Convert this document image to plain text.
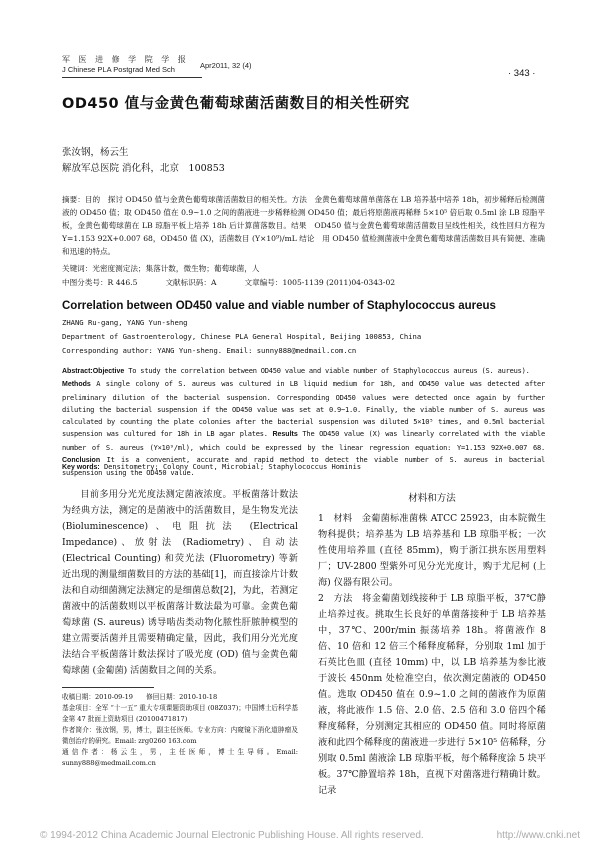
军 医 进 修 学 院 学 报
J Chinese PLA Postgrad Med Sch	Apr2011, 32 (4)
· 343 ·
OD450 值与金黄色葡萄球菌活菌数目的相关性研究
张汝钢，杨云生
解放军总医院 消化科，北京　100853
摘要：目的　探讨 OD450 值与金黄色葡萄球菌活菌数目的相关性。方法　金黄色葡萄球菌单菌落在 LB 培养基中培养 18h，初步稀释后检测菌液的 OD450 值；取 OD450 值在 0.9~1.0 之间的菌液进一步稀释检测 OD450 值；最后将原菌液再稀释 5×10⁵ 倍后取 0.5ml 涂 LB 琼脂平板，金黄色葡萄球菌在 LB 琼脂平板上培养 18h 后计算菌落数目。结果　OD450 值与金黄色葡萄球菌活菌数目呈线性相关，线性回归方程为 Y=1.153 92X+0.007 68，OD450 值 (X)，活菌数目 (Y×10⁹)/mL 结论　用 OD450 值检测菌液中金黄色葡萄球菌活菌数目具有简便、准确和迅速的特点。
关键词：光密度测定法；集落计数，微生物；葡萄球菌，人
中图分类号：R 446.5	文献标识码：A	文章编号：1005-1139 (2011)04-0343-02
Correlation between OD450 value and viable number of Staphylococcus aureus
ZHANG Ru-gang, YANG Yun-sheng
Department of Gastroenterology, Chinese PLA General Hospital, Beijing 100853, China
Corresponding author: YANG Yun-sheng. Email: sunny888@medmail.com.cn
Abstract:Objective To study the correlation between OD450 value and viable number of Staphylococcus aureus (S. aureus).
Methods A single colony of S. aureus was cultured in LB liquid medium for 18h, and OD450 value was detected after preliminary dilution of the bacterial suspension. Corresponding OD450 values were detected once again by further diluting the bacterial suspension if the OD450 value was set at 0.9~1.0. Finally, the viable number of S. aureus was calculated by counting the plate colonies after the bacterial suspension was diluted 5×10⁵ times, and 0.5ml bacterial suspension was cultured for 18h in LB agar plates. Results The OD450 value (X) was linearly correlated with the viable number of S. aureus (Y×10⁹/ml), which could be expressed by the linear regression equation: Y=1.153 92X+0.007 68. Conclusion It is a convenient, accurate and rapid method to detect the viable number of S. aureus in bacterial suspension using the OD450 value.
Key words: Densitometry; Colony Count, Microbial; Staphylococcus Hominis
目前多用分光光度法测定菌液浓度。平板菌落计数法为经典方法，测定的是菌液中的活菌数目，是生物发光法 (Bioluminescence)、电阻抗法 (Electrical Impedance)、放射法 (Radiometry)、自动法 (Electrical Counting) 和荧光法 (Fluorometry) 等新近出现的测量细菌数目的方法的基础[1]，而直接涂片计数法和自动细菌测定法测定的是细菌总数[2]，为此，若测定菌液中的活菌数则以平板菌落计数法最为可靠。金黄色葡萄球菌 (S. aureus) 诱导啮齿类动物化脓性肝脓肿模型的建立需要活菌并且需要精确定量，因此，我们用分光光度法结合平板菌落计数法探讨了吸光度 (OD) 值与金黄色葡萄球菌 (金葡菌) 活菌数目之间的关系。
材料和方法

1　材料　金葡菌标准菌株 ATCC 25923，由本院微生物科提供；培养基为 LB 培养基和 LB 琼脂平板；一次性使用培养皿 (直径 85mm)，购于浙江拱东医用塑料厂；UV-2800 型紫外可见分光光度计，购于尤尼柯 (上海) 仪器有限公司。

2　方法　将金葡菌划线接种于 LB 琼脂平板，37℃静止培养过夜。挑取生长良好的单菌落接种于 LB 培养基中，37℃、200r/min 振荡培养 18h。将菌液作 8 倍、10 倍和 12 倍三个稀释度稀释，分别取 1ml 加于石英比色皿 (直径 10mm) 中，以 LB 培养基为参比液于波长 450nm 处检准空白，依次测定菌液的 OD450 值。选取 OD450 值在 0.9~1.0 之间的菌液作为原菌液，将此液作 1.5 倍、2.0 倍、2.5 倍和 3.0 倍四个稀释度稀释，分别测定其相应的 OD450 值。同时将原菌液和此四个稀释度的菌液进一步进行 5×10⁵ 倍稀释，分别取 0.5ml 菌液涂 LB 琼脂平板，每个稀释度涂 5 块平板。37℃静置培养 18h，直视下对菌落进行精确计数。记录

收稿日期：2010-09-19　　修回日期：2010-10-18
基金项目：全军 “十一五” 重大专项课题资助项目 (08Z037)；中国博士后科学基金第 47 批面上资助项目 (20100471817)
作者简介：张汝钢，男，博士，副主任医师。专业方向：内窥镜下消化道肿瘤及微创治疗的研究。Email: zrg0260 163.com
通信作者：杨云生，男，主任医师，博士生导师。Email: sunny888@medmail.com.cn
© 1994-2012 China Academic Journal Electronic Publishing House. All rights reserved.	http://www.cnki.net
